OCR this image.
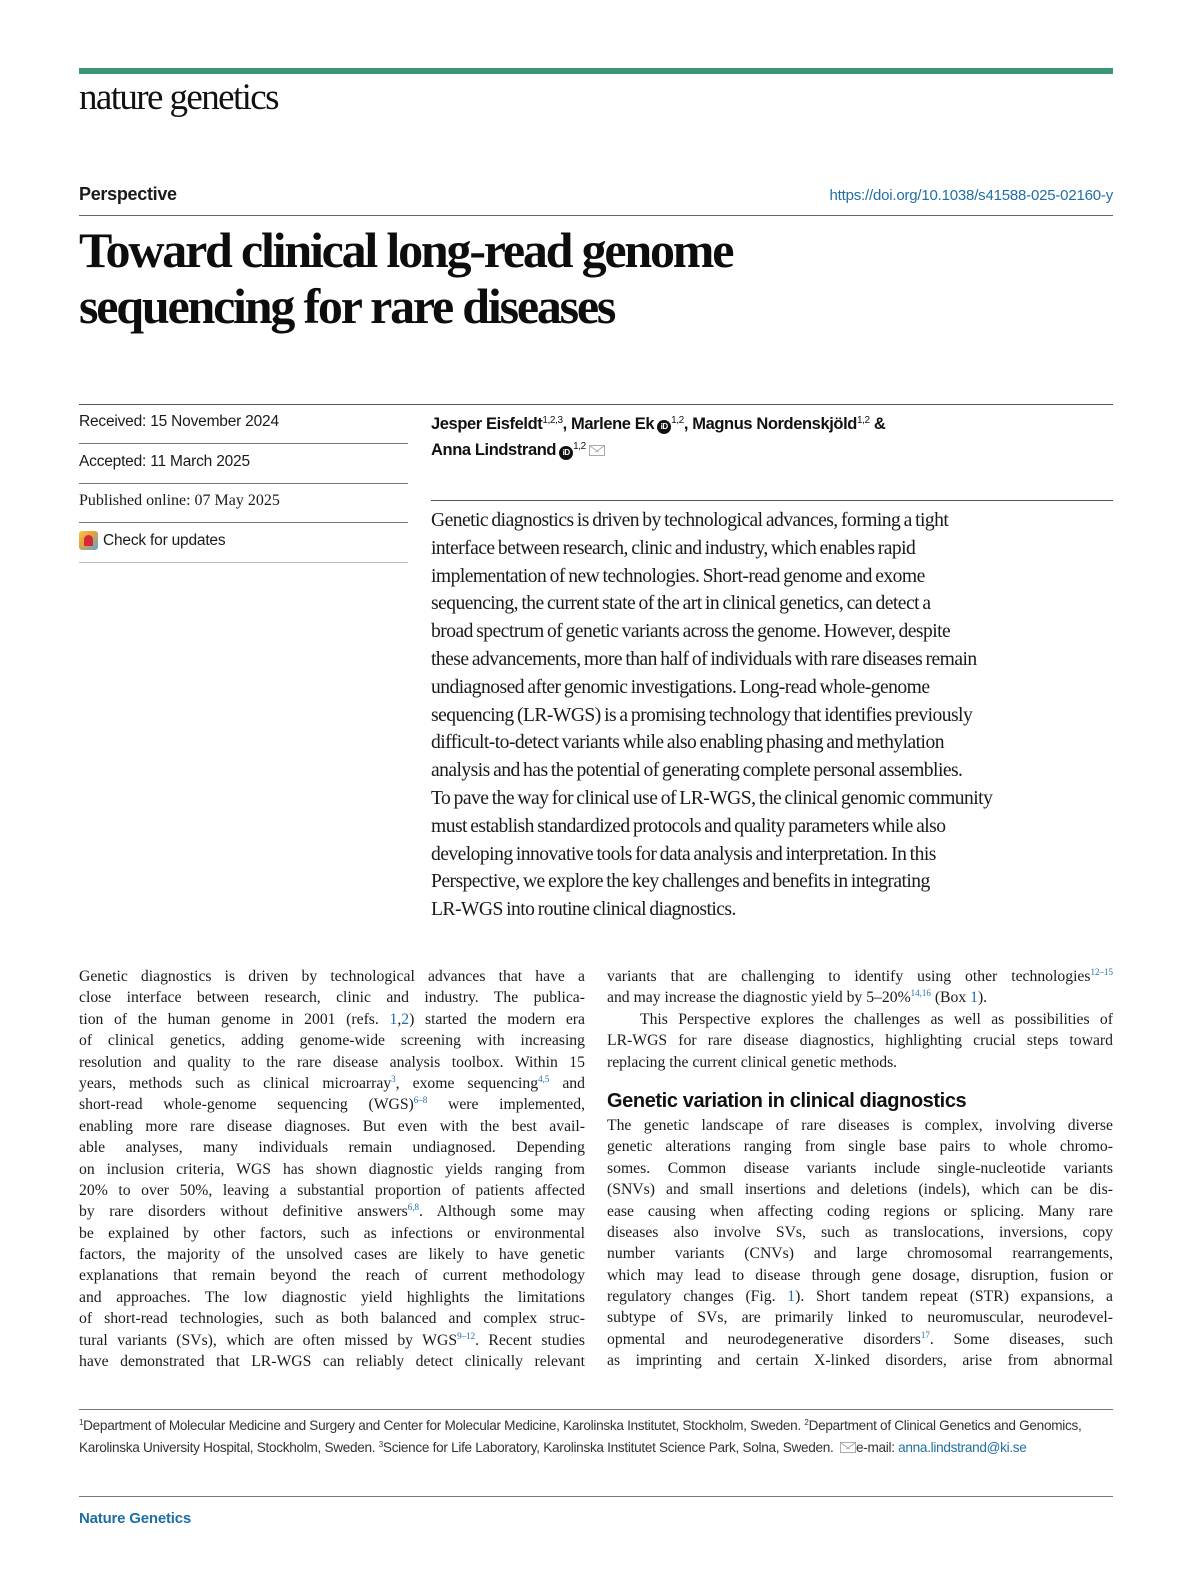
nature genetics
Perspective	https://doi.org/10.1038/s41588-025-02160-y
Toward clinical long-read genome
sequencing for rare diseases
Received: 15 November 2024
Accepted: 11 March 2025
Published online: 07 May 2025
Check for updates
Jesper Eisfeldt$^{1,2,3}$, Marlene Ek iD$^{1,2}$, Magnus Nordenskjöld$^{1,2}$ &
Anna Lindstrand iD$^{1,2}$
Genetic diagnostics is driven by technological advances, forming a tight
interface between research, clinic and industry, which enables rapid
implementation of new technologies. Short-read genome and exome
sequencing, the current state of the art in clinical genetics, can detect a
broad spectrum of genetic variants across the genome. However, despite
these advancements, more than half of individuals with rare diseases remain
undiagnosed after genomic investigations. Long-read whole-genome
sequencing (LR-WGS) is a promising technology that identifies previously
difficult-to-detect variants while also enabling phasing and methylation
analysis and has the potential of generating complete personal assemblies.
To pave the way for clinical use of LR-WGS, the clinical genomic community
must establish standardized protocols and quality parameters while also
developing innovative tools for data analysis and interpretation. In this
Perspective, we explore the key challenges and benefits in integrating
LR-WGS into routine clinical diagnostics.
Genetic diagnostics is driven by technological advances that have a
close interface between research, clinic and industry. The publica-
tion of the human genome in 2001 (refs. 1,2) started the modern era
of clinical genetics, adding genome-wide screening with increasing
resolution and quality to the rare disease analysis toolbox. Within 15
years, methods such as clinical microarray$^3$, exome sequencing$^{4,5}$ and
short-read whole-genome sequencing (WGS)$^{6-8}$ were implemented,
enabling more rare disease diagnoses. But even with the best avail-
able analyses, many individuals remain undiagnosed. Depending
on inclusion criteria, WGS has shown diagnostic yields ranging from
20% to over 50%, leaving a substantial proportion of patients affected
by rare disorders without definitive answers$^{6,8}$. Although some may
be explained by other factors, such as infections or environmental
factors, the majority of the unsolved cases are likely to have genetic
explanations that remain beyond the reach of current methodology
and approaches. The low diagnostic yield highlights the limitations
of short-read technologies, such as both balanced and complex struc-
tural variants (SVs), which are often missed by WGS$^{9-12}$. Recent studies
have demonstrated that LR-WGS can reliably detect clinically relevant
variants that are challenging to identify using other technologies$^{12-15}$
and may increase the diagnostic yield by 5–20%$^{14,16}$ (Box 1).
This Perspective explores the challenges as well as possibilities of
LR-WGS for rare disease diagnostics, highlighting crucial steps toward
replacing the current clinical genetic methods.
Genetic variation in clinical diagnostics
The genetic landscape of rare diseases is complex, involving diverse
genetic alterations ranging from single base pairs to whole chromo-
somes. Common disease variants include single-nucleotide variants
(SNVs) and small insertions and deletions (indels), which can be dis-
ease causing when affecting coding regions or splicing. Many rare
diseases also involve SVs, such as translocations, inversions, copy
number variants (CNVs) and large chromosomal rearrangements,
which may lead to disease through gene dosage, disruption, fusion or
regulatory changes (Fig. 1). Short tandem repeat (STR) expansions, a
subtype of SVs, are primarily linked to neuromuscular, neurodevel-
opmental and neurodegenerative disorders$^{17}$. Some diseases, such
as imprinting and certain X-linked disorders, arise from abnormal
$^1$Department of Molecular Medicine and Surgery and Center for Molecular Medicine, Karolinska Institutet, Stockholm, Sweden. $^2$Department of Clinical Genetics and Genomics, Karolinska University Hospital, Stockholm, Sweden. $^3$Science for Life Laboratory, Karolinska Institutet Science Park, Solna, Sweden. e-mail: anna.lindstrand@ki.se
Nature Genetics
